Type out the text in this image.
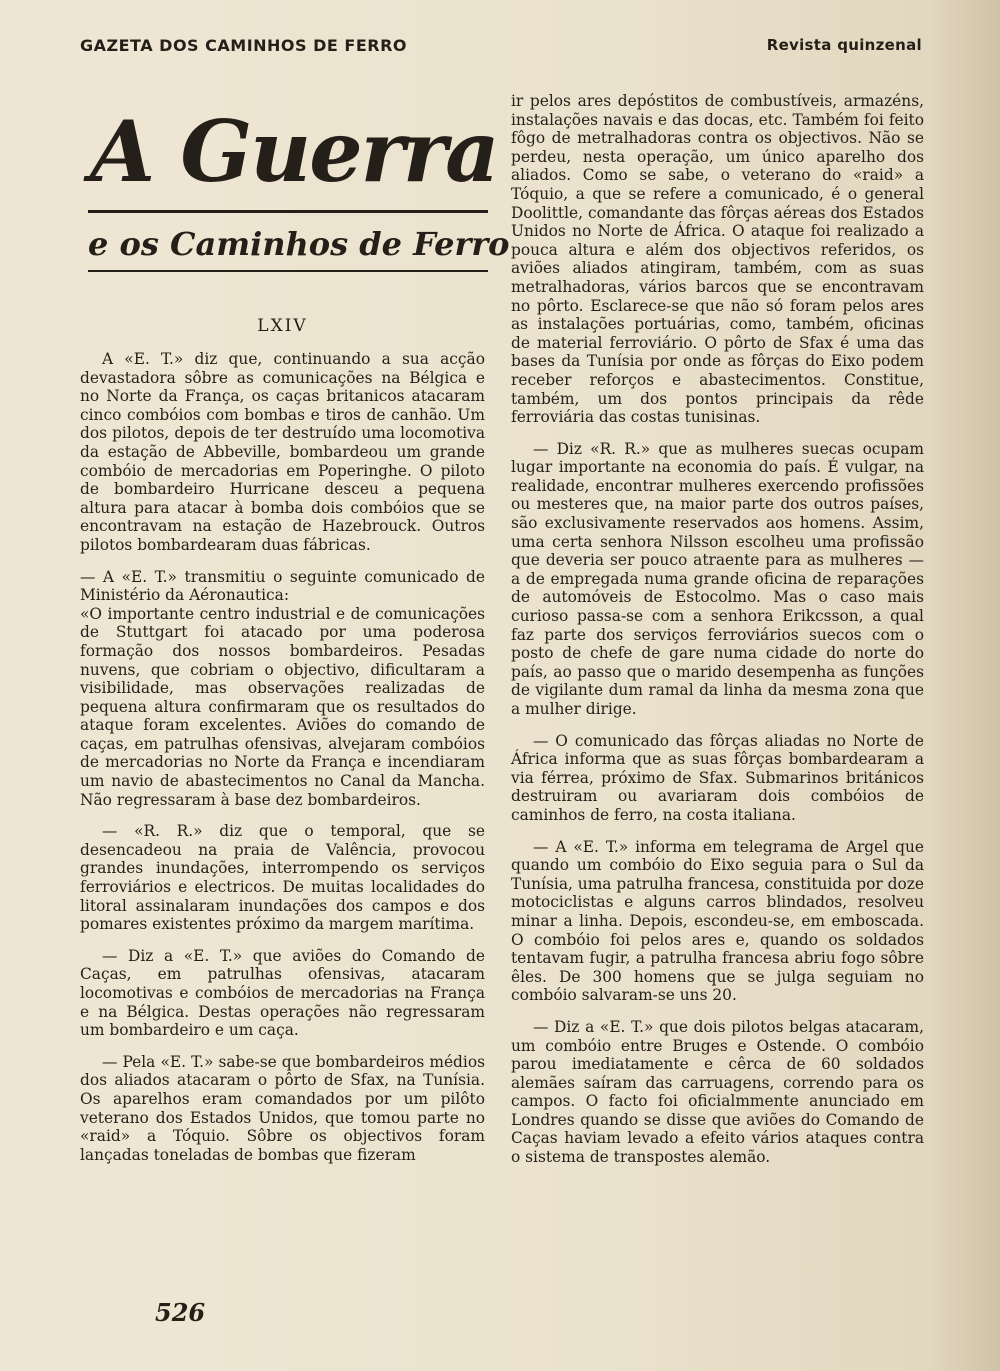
GAZETA DOS CAMINHOS DE FERRO	Revista quinzenal
A Guerra
e os Caminhos de Ferro
LXIV

A «E. T.» diz que, continuando a sua acção devastadora sôbre as comunicações na Bélgica e no Norte da França, os caças britanicos atacaram cinco combóios com bombas e tiros de canhão. Um dos pilotos, depois de ter destruído uma locomotiva da estação de Abbeville, bombardeou um grande combóio de mercadorias em Poperinghe. O piloto de bombardeiro Hurricane desceu a pequena altura para atacar à bomba dois combóios que se encontravam na estação de Hazebrouck. Outros pilotos bombardearam duas fábricas.

— A «E. T.» transmitiu o seguinte comunicado de Ministério da Aéronautica:

«O importante centro industrial e de comunicações de Stuttgart foi atacado por uma poderosa formação dos nossos bombardeiros. Pesadas nuvens, que cobriam o objectivo, dificultaram a visibilidade, mas observações realizadas de pequena altura confirmaram que os resultados do ataque foram excelentes. Aviões do comando de caças, em patrulhas ofensivas, alvejaram combóios de mercadorias no Norte da França e incendiaram um navio de abastecimentos no Canal da Mancha. Não regressaram à base dez bombardeiros.

— «R. R.» diz que o temporal, que se desencadeou na praia de Valência, provocou grandes inundações, interrompendo os serviços ferroviários e electricos. De muitas localidades do litoral assinalaram inundações dos campos e dos pomares existentes próximo da margem marítima.

— Diz a «E. T.» que aviões do Comando de Caças, em patrulhas ofensivas, atacaram locomotivas e combóios de mercadorias na França e na Bélgica. Destas operações não regressaram um bombardeiro e um caça.

— Pela «E. T.» sabe-se que bombardeiros médios dos aliados atacaram o pôrto de Sfax, na Tunísia. Os aparelhos eram comandados por um pilôto veterano dos Estados Unidos, que tomou parte no «raid» a Tóquio. Sôbre os objectivos foram lançadas toneladas de bombas que fizeram

ir pelos ares depóstitos de combustíveis, armazéns, instalações navais e das docas, etc. Também foi feito fôgo de metralhadoras contra os objectivos. Não se perdeu, nesta operação, um único aparelho dos aliados. Como se sabe, o veterano do «raid» a Tóquio, a que se refere a comunicado, é o general Doolittle, comandante das fôrças aéreas dos Estados Unidos no Norte de África. O ataque foi realizado a pouca altura e além dos objectivos referidos, os aviões aliados atingiram, também, com as suas metralhadoras, vários barcos que se encontravam no pôrto. Esclarece-se que não só foram pelos ares as instalações portuárias, como, também, oficinas de material ferroviário. O pôrto de Sfax é uma das bases da Tunísia por onde as fôrças do Eixo podem receber reforços e abastecimentos. Constitue, também, um dos pontos principais da rêde ferroviária das costas tunisinas.

— Diz «R. R.» que as mulheres suecas ocupam lugar importante na economia do país. É vulgar, na realidade, encontrar mulheres exercendo profissões ou mesteres que, na maior parte dos outros países, são exclusivamente reservados aos homens. Assim, uma certa senhora Nilsson escolheu uma profissão que deveria ser pouco atraente para as mulheres — a de empregada numa grande oficina de reparações de automóveis de Estocolmo. Mas o caso mais curioso passa-se com a senhora Erikcsson, a qual faz parte dos serviços ferroviários suecos com o posto de chefe de gare numa cidade do norte do país, ao passo que o marido desempenha as funções de vigilante dum ramal da linha da mesma zona que a mulher dirige.

— O comunicado das fôrças aliadas no Norte de África informa que as suas fôrças bombardearam a via férrea, próximo de Sfax. Submarinos británicos destruiram ou avariaram dois combóios de caminhos de ferro, na costa italiana.

— A «E. T.» informa em telegrama de Argel que quando um combóio do Eixo seguia para o Sul da Tunísia, uma patrulha francesa, constituida por doze motociclistas e alguns carros blindados, resolveu minar a linha. Depois, escondeu-se, em emboscada. O combóio foi pelos ares e, quando os soldados tentavam fugir, a patrulha francesa abriu fogo sôbre êles. De 300 homens que se julga seguiam no combóio salvaram-se uns 20.

— Diz a «E. T.» que dois pilotos belgas atacaram, um combóio entre Bruges e Ostende. O combóio parou imediatamente e cêrca de 60 soldados alemães saíram das carruagens, correndo para os campos. O facto foi oficialmmente anunciado em Londres quando se disse que aviões do Comando de Caças haviam levado a efeito vários ataques contra o sistema de transpostes alemão.

526
